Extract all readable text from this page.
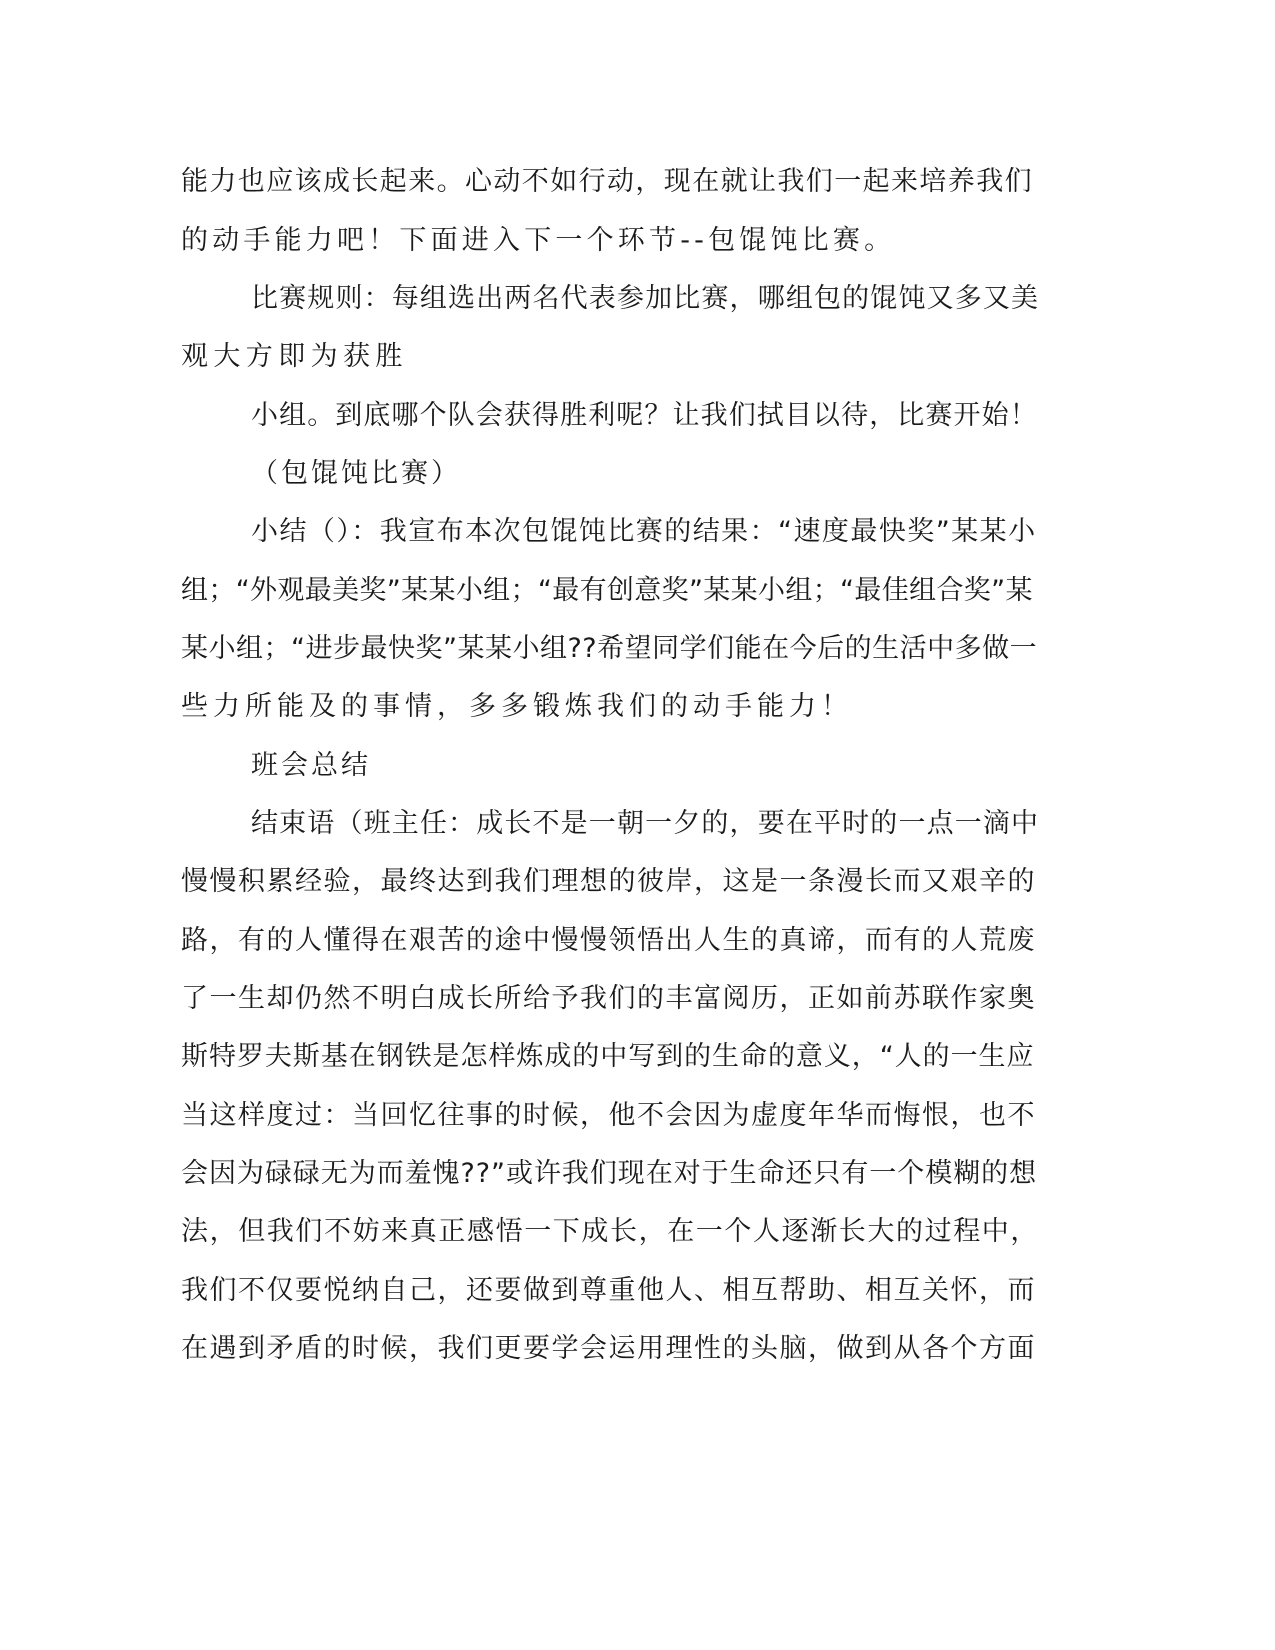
能力也应该成长起来。心动不如行动，现在就让我们一起来培养我们
的动手能力吧！下面进入下一个环节--包馄饨比赛。
比赛规则：每组选出两名代表参加比赛，哪组包的馄饨又多又美
观大方即为获胜
小组。到底哪个队会获得胜利呢？让我们拭目以待，比赛开始！
（包馄饨比赛）
小结（）：我宣布本次包馄饨比赛的结果：“速度最快奖”某某小
组；“外观最美奖”某某小组；“最有创意奖”某某小组；“最佳组合奖”某
某小组；“进步最快奖”某某小组??希望同学们能在今后的生活中多做一
些力所能及的事情，多多锻炼我们的动手能力！
班会总结
结束语（班主任：成长不是一朝一夕的，要在平时的一点一滴中
慢慢积累经验，最终达到我们理想的彼岸，这是一条漫长而又艰辛的
路，有的人懂得在艰苦的途中慢慢领悟出人生的真谛，而有的人荒废
了一生却仍然不明白成长所给予我们的丰富阅历，正如前苏联作家奥
斯特罗夫斯基在钢铁是怎样炼成的中写到的生命的意义，“人的一生应
当这样度过：当回忆往事的时候，他不会因为虚度年华而悔恨，也不
会因为碌碌无为而羞愧??”或许我们现在对于生命还只有一个模糊的想
法，但我们不妨来真正感悟一下成长，在一个人逐渐长大的过程中，
我们不仅要悦纳自己，还要做到尊重他人、相互帮助、相互关怀，而
在遇到矛盾的时候，我们更要学会运用理性的头脑，做到从各个方面
